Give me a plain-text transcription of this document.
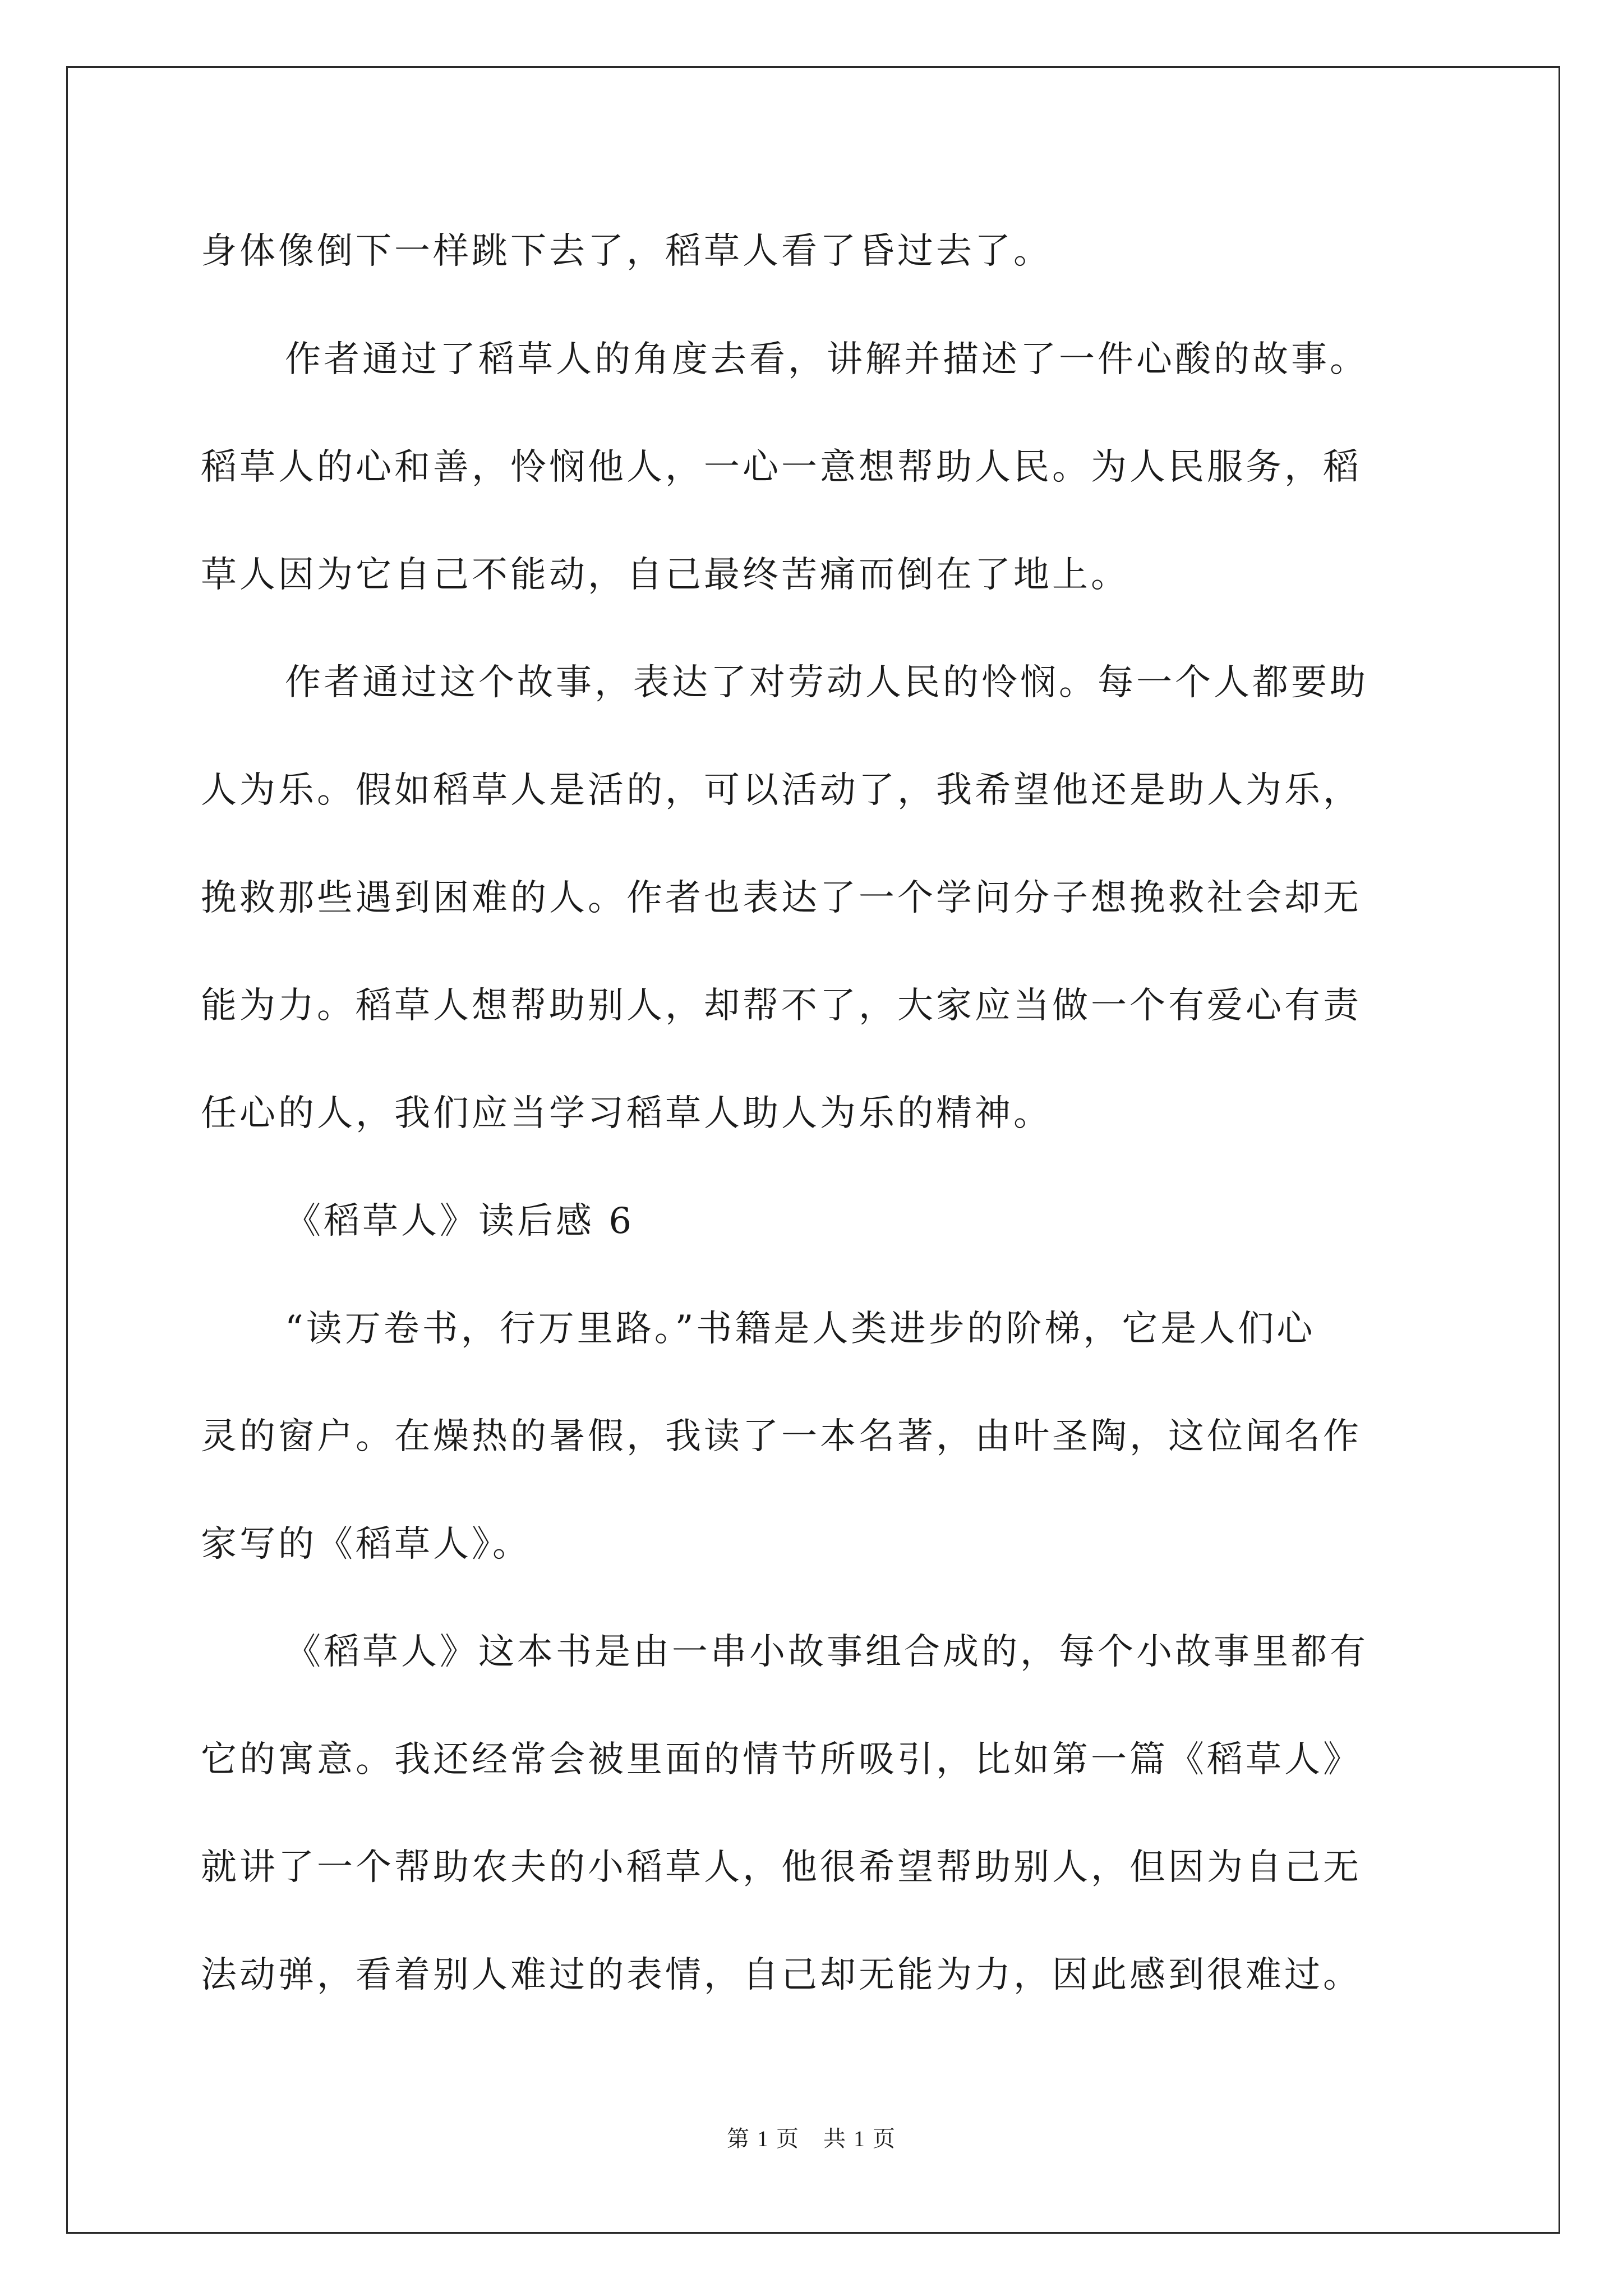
身体像倒下一样跳下去了，稻草人看了昏过去了。

作者通过了稻草人的角度去看，讲解并描述了一件心酸的故事。

稻草人的心和善，怜悯他人，一心一意想帮助人民。为人民服务，稻

草人因为它自己不能动，自己最终苦痛而倒在了地上。

作者通过这个故事，表达了对劳动人民的怜悯。每一个人都要助

人为乐。假如稻草人是活的，可以活动了，我希望他还是助人为乐，

挽救那些遇到困难的人。作者也表达了一个学问分子想挽救社会却无

能为力。稻草人想帮助别人，却帮不了，大家应当做一个有爱心有责

任心的人，我们应当学习稻草人助人为乐的精神。

《稻草人》读后感 6

“读万卷书，行万里路。”书籍是人类进步的阶梯，它是人们心

灵的窗户。在燥热的暑假，我读了一本名著，由叶圣陶，这位闻名作

家写的《稻草人》。

《稻草人》这本书是由一串小故事组合成的，每个小故事里都有

它的寓意。我还经常会被里面的情节所吸引，比如第一篇《稻草人》

就讲了一个帮助农夫的小稻草人，他很希望帮助别人，但因为自己无

法动弹，看着别人难过的表情，自己却无能为力，因此感到很难过。

第 1 页　共 1 页
